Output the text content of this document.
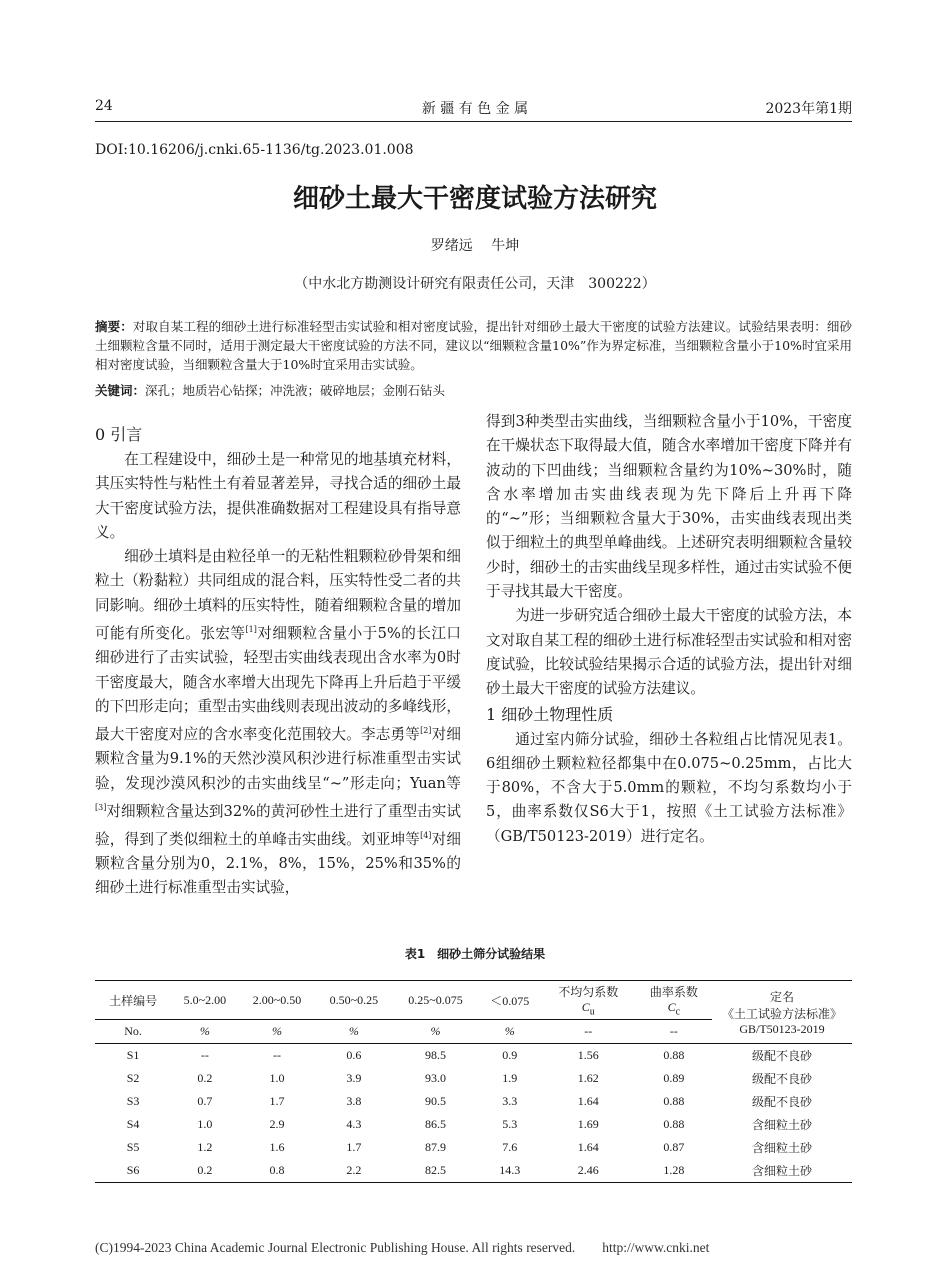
24	新 疆 有 色 金 属	2023年第1期
DOI:10.16206/j.cnki.65-1136/tg.2023.01.008
细砂土最大干密度试验方法研究
罗绪远　 牛坤
（中水北方勘测设计研究有限责任公司，天津　300222）
摘要：对取自某工程的细砂土进行标准轻型击实试验和相对密度试验，提出针对细砂土最大干密度的试验方法建议。试验结果表明：细砂土细颗粒含量不同时，适用于测定最大干密度试验的方法不同，建议以“细颗粒含量10%”作为界定标准，当细颗粒含量小于10%时宜采用相对密度试验，当细颗粒含量大于10%时宜采用击实试验。
关键词：深孔；地质岩心钻探；冲洗液；破碎地层；金刚石钻头
0 引言

在工程建设中，细砂土是一种常见的地基填充材料，其压实特性与粘性土有着显著差异，寻找合适的细砂土最大干密度试验方法，提供准确数据对工程建设具有指导意义。

细砂土填料是由粒径单一的无粘性粗颗粒砂骨架和细粒土（粉黏粒）共同组成的混合料，压实特性受二者的共同影响。细砂土填料的压实特性，随着细颗粒含量的增加可能有所变化。张宏等[1]对细颗粒含量小于5%的长江口细砂进行了击实试验，轻型击实曲线表现出含水率为0时干密度最大，随含水率增大出现先下降再上升后趋于平缓的下凹形走向；重型击实曲线则表现出波动的多峰线形，最大干密度对应的含水率变化范围较大。李志勇等[2]对细颗粒含量为9.1%的天然沙漠风积沙进行标准重型击实试验，发现沙漠风积沙的击实曲线呈“~”形走向；Yuan等[3]对细颗粒含量达到32%的黄河砂性土进行了重型击实试验，得到了类似细粒土的单峰击实曲线。刘亚坤等[4]对细颗粒含量分别为0，2.1%，8%，15%，25%和35%的细砂土进行标准重型击实试验，

得到3种类型击实曲线，当细颗粒含量小于10%，干密度在干燥状态下取得最大值，随含水率增加干密度下降并有波动的下凹曲线；当细颗粒含量约为10%~30%时，随含水率增加击实曲线表现为先下降后上升再下降的“~”形；当细颗粒含量大于30%，击实曲线表现出类似于细粒土的典型单峰曲线。上述研究表明细颗粒含量较少时，细砂土的击实曲线呈现多样性，通过击实试验不便于寻找其最大干密度。

为进一步研究适合细砂土最大干密度的试验方法，本文对取自某工程的细砂土进行标准轻型击实试验和相对密度试验，比较试验结果揭示合适的试验方法，提出针对细砂土最大干密度的试验方法建议。

1 细砂土物理性质

通过室内筛分试验，细砂土各粒组占比情况见表1。6组细砂土颗粒粒径都集中在0.075~0.25mm，占比大于80%，不含大于5.0mm的颗粒，不均匀系数均小于5，曲率系数仅S6大于1，按照《土工试验方法标准》（GB/T50123-2019）进行定名。

表1　细砂土筛分试验结果
土样编号	5.0~2.00	2.00~0.50	0.50~0.25	0.25~0.075	＜0.075	不均匀系数
$C_u$	曲率系数
$C_c$	定名
《土工试验方法标准》GB/T50123-2019
No.	%	%	%	%	%	--	--	
S1	--	--	0.6	98.5	0.9	1.56	0.88	级配不良砂
S2	0.2	1.0	3.9	93.0	1.9	1.62	0.89	级配不良砂
S3	0.7	1.7	3.8	90.5	3.3	1.64	0.88	级配不良砂
S4	1.0	2.9	4.3	86.5	5.3	1.69	0.88	含细粒土砂
S5	1.2	1.6	1.7	87.9	7.6	1.64	0.87	含细粒土砂
S6	0.2	0.8	2.2	82.5	14.3	2.46	1.28	含细粒土砂
(C)1994-2023 China Academic Journal Electronic Publishing House. All rights reserved.　　http://www.cnki.net
